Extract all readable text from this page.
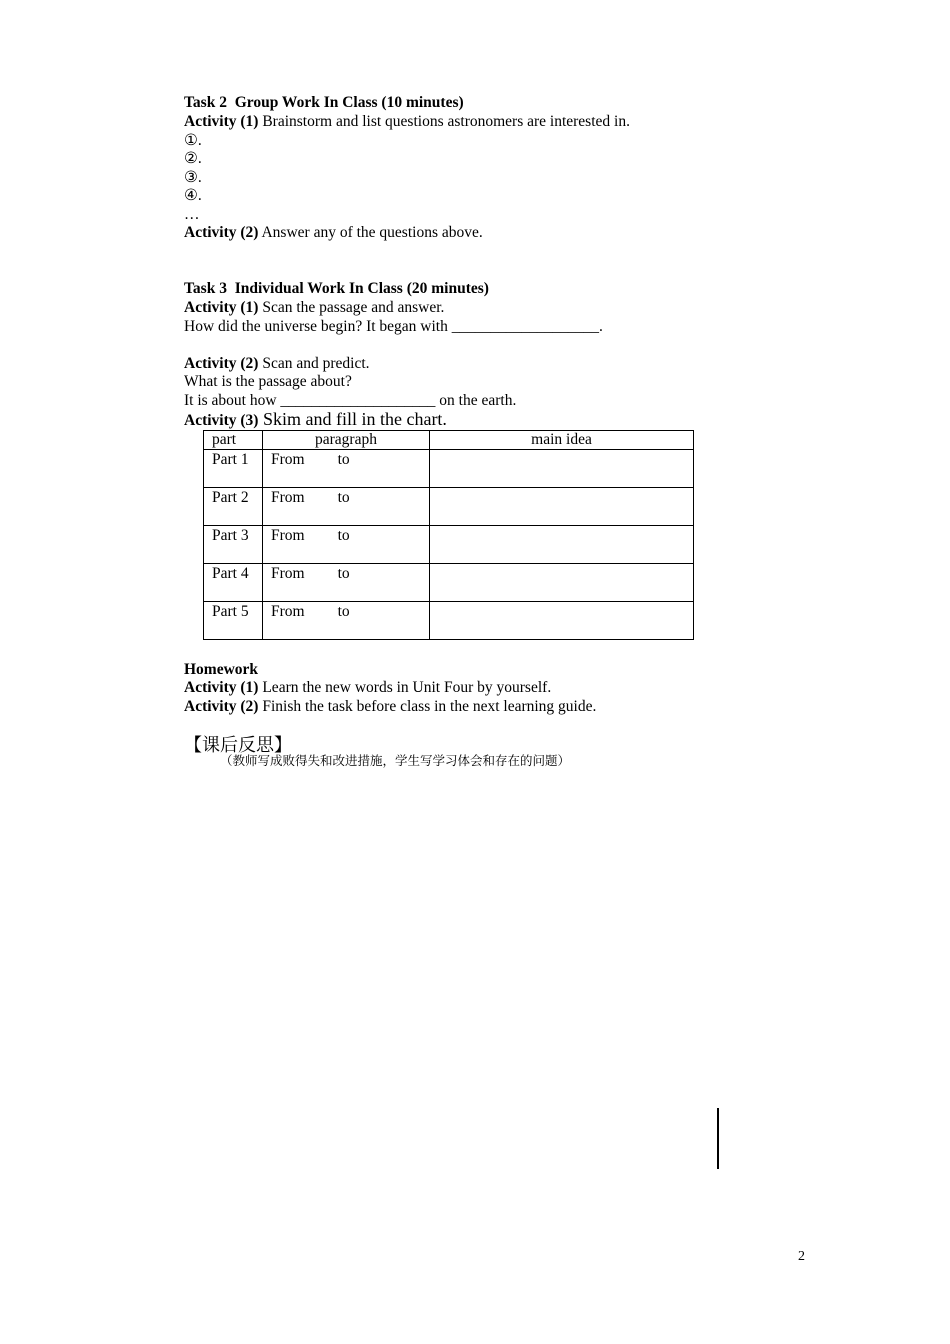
Task 2  Group Work In Class (10 minutes)
Activity (1) Brainstorm and list questions astronomers are interested in.
①.
②.
③.
④.
…
Activity (2) Answer any of the questions above.
Task 3  Individual Work In Class (20 minutes)
Activity (1) Scan the passage and answer.
How did the universe begin? It began with ___________________.
Activity (2) Scan and predict.
What is the passage about?
It is about how ____________________ on the earth.
Activity (3) Skim and fill in the chart.
part	paragraph	main idea
Part 1	From to	
Part 2	From to	
Part 3	From to	
Part 4	From to	
Part 5	From to	
Homework
Activity (1) Learn the new words in Unit Four by yourself.
Activity (2) Finish the task before class in the next learning guide.
【课后反思】
（教师写成败得失和改进措施，学生写学习体会和存在的问题）
2
